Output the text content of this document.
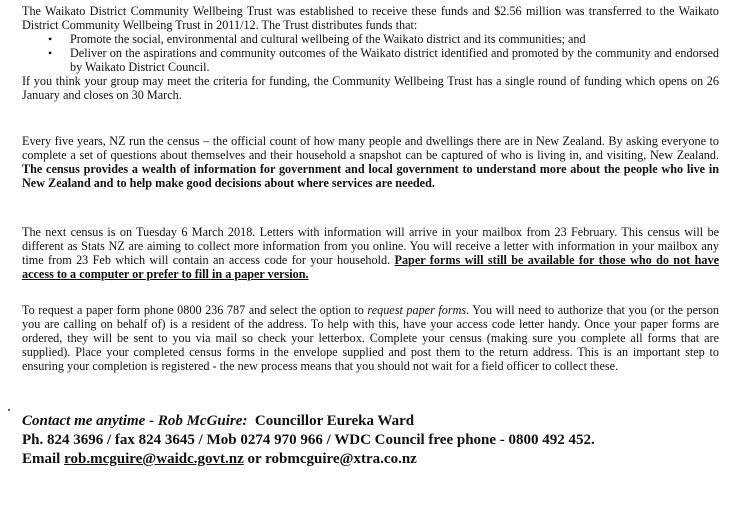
The Waikato District Community Wellbeing Trust was established to receive these funds and $2.56 million was transferred to the Waikato District Community Wellbeing Trust in 2011/12. The Trust distributes funds that:

• Promote the social, environmental and cultural wellbeing of the Waikato district and its communities; and
• Deliver on the aspirations and community outcomes of the Waikato district identified and promoted by the community and endorsed by Waikato District Council.

If you think your group may meet the criteria for funding, the Community Wellbeing Trust has a single round of funding which opens on 26 January and closes on 30 March.

Every five years, NZ run the census – the official count of how many people and dwellings there are in New Zealand. By asking everyone to complete a set of questions about themselves and their household a snapshot can be captured of who is living in, and visiting, New Zealand. The census provides a wealth of information for government and local government to understand more about the people who live in New Zealand and to help make good decisions about where services are needed.

The next census is on Tuesday 6 March 2018. Letters with information will arrive in your mailbox from 23 February. This census will be different as Stats NZ are aiming to collect more information from you online. You will receive a letter with information in your mailbox any time from 23 Feb which will contain an access code for your household. Paper forms will still be available for those who do not have access to a computer or prefer to fill in a paper version.

To request a paper form phone 0800 236 787 and select the option to request paper forms. You will need to authorize that you (or the person you are calling on behalf of) is a resident of the address. To help with this, have your access code letter handy. Once your paper forms are ordered, they will be sent to you via mail so check your letterbox. Complete your census (making sure you complete all forms that are supplied). Place your completed census forms in the envelope supplied and post them to the return address. This is an important step to ensuring your completion is registered - the new process means that you should not wait for a field officer to collect these.

Contact me anytime - Rob McGuire: Councillor Eureka Ward
Ph. 824 3696 / fax 824 3645 / Mob 0274 970 966 / WDC Council free phone - 0800 492 452.
Email rob.mcguire@waidc.govt.nz or robmcguire@xtra.co.nz
